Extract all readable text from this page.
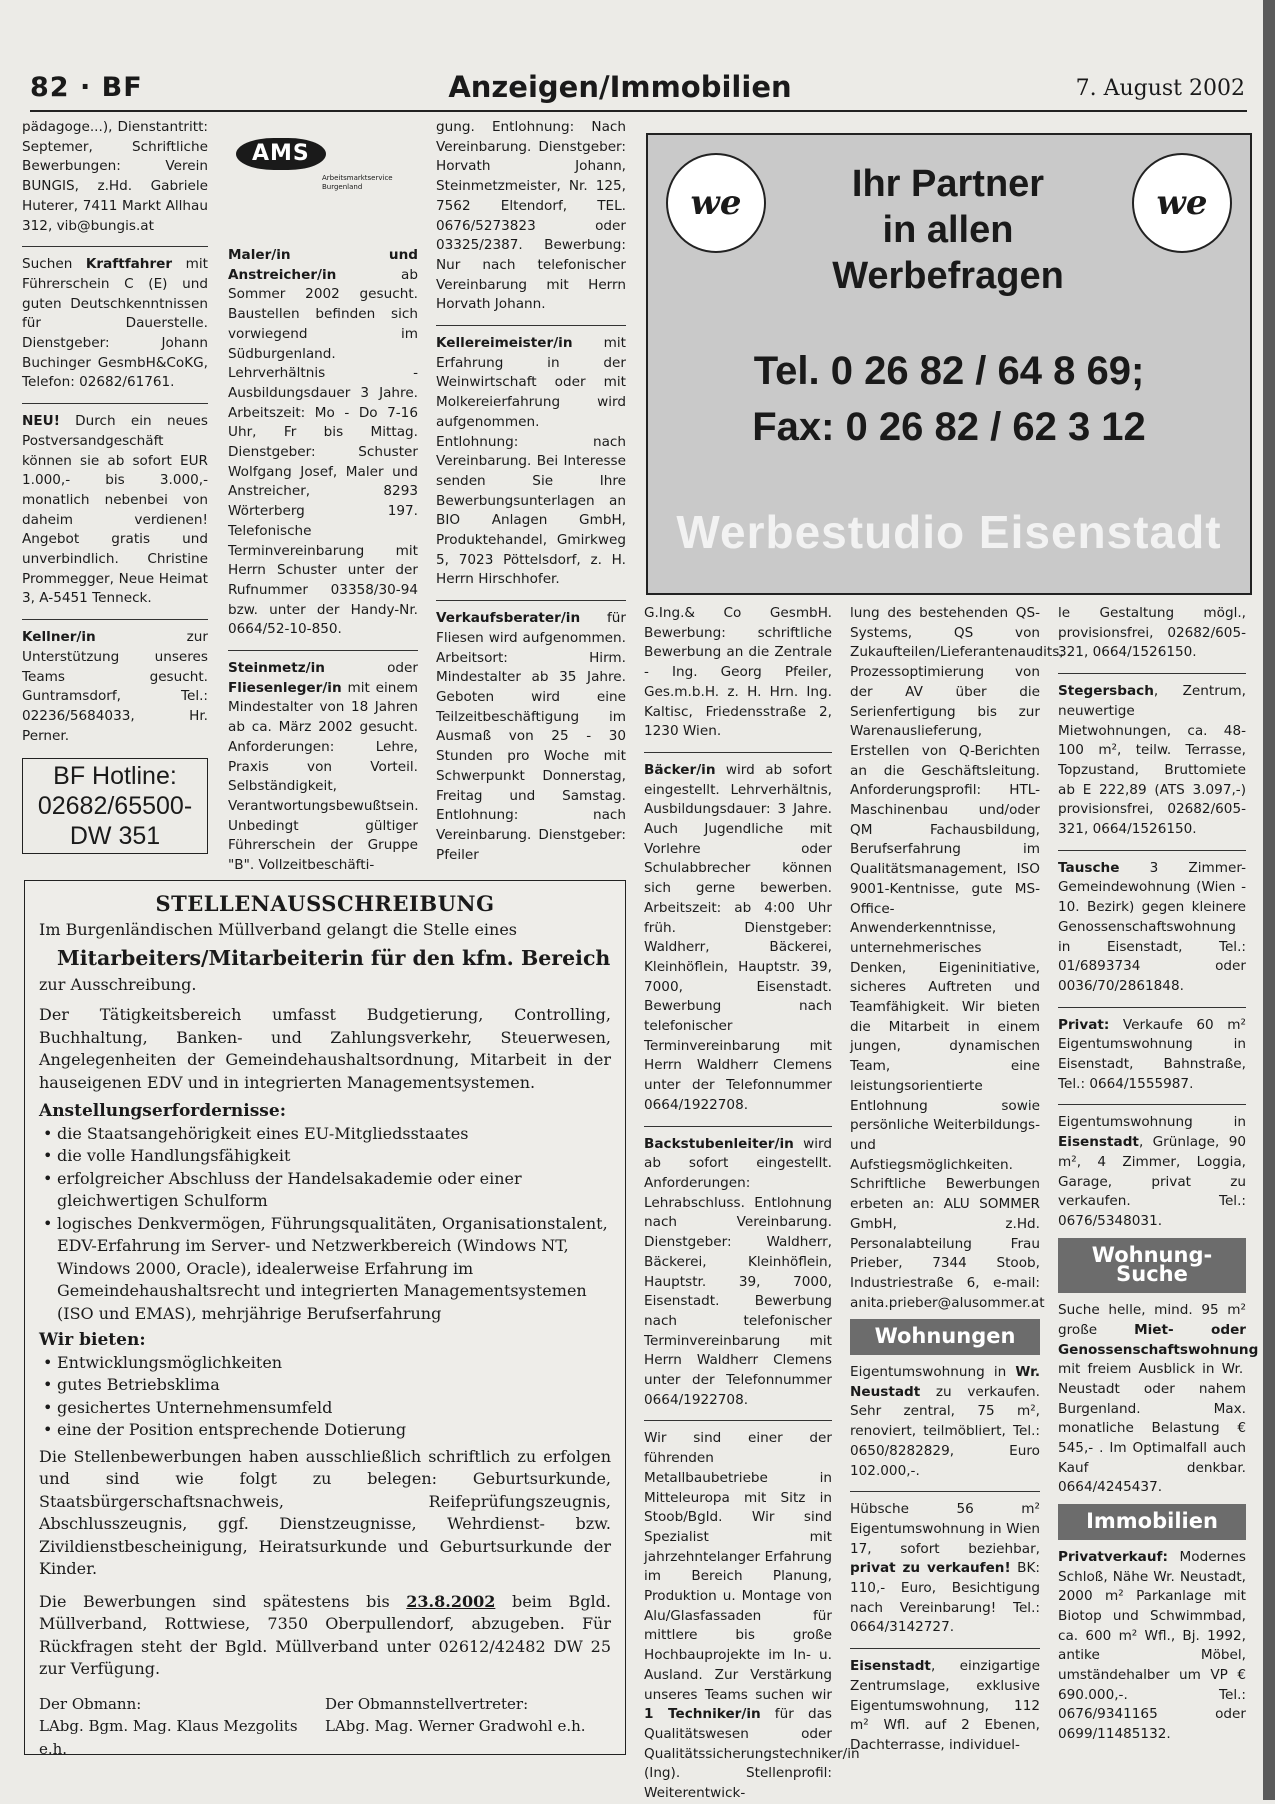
82 · BF	Anzeigen/Immobilien	7. August 2002

pädagoge...), Dienstantritt: Septemer, Schriftliche Bewerbungen: Verein BUNGIS, z.Hd. Gabriele Huterer, 7411 Markt Allhau 312, vib@bungis.at

Suchen Kraftfahrer mit Führerschein C (E) und guten Deutschkenntnissen für Dauerstelle. Dienstgeber: Johann Buchinger GesmbH&CoKG, Telefon: 02682/61761.

NEU! Durch ein neues Postversandgeschäft können sie ab sofort EUR 1.000,- bis 3.000,- monatlich nebenbei von daheim verdienen! Angebot gratis und unverbindlich. Christine Prommegger, Neue Heimat 3, A-5451 Tenneck.

Kellner/in zur Unterstützung unseres Teams gesucht. Guntramsdorf, Tel.: 02236/5684033, Hr. Perner.

BF Hotline:
02682/65500-
DW 351
AMS
Arbeitsmarktservice Burgenland

Maler/in und Anstreicher/in ab Sommer 2002 gesucht. Baustellen befinden sich vorwiegend im Südburgenland. Lehrverhältnis - Ausbildungsdauer 3 Jahre. Arbeitszeit: Mo - Do 7-16 Uhr, Fr bis Mittag. Dienstgeber: Schuster Wolfgang Josef, Maler und Anstreicher, 8293 Wörterberg 197. Telefonische Terminvereinbarung mit Herrn Schuster unter der Rufnummer 03358/30-94 bzw. unter der Handy-Nr. 0664/52-10-850.

Steinmetz/in oder Fliesenleger/in mit einem Mindestalter von 18 Jahren ab ca. März 2002 gesucht. Anforderungen: Lehre, Praxis von Vorteil. Selbständigkeit, Verantwortungsbewußtsein. Unbedingt gültiger Führerschein der Gruppe "B". Vollzeitbeschäfti-

gung. Entlohnung: Nach Vereinbarung. Dienstgeber: Horvath Johann, Steinmetzmeister, Nr. 125, 7562 Eltendorf, TEL. 0676/5273823 oder 03325/2387. Bewerbung: Nur nach telefonischer Vereinbarung mit Herrn Horvath Johann.

Kellereimeister/in mit Erfahrung in der Weinwirtschaft oder mit Molkereierfahrung wird aufgenommen. Entlohnung: nach Vereinbarung. Bei Interesse senden Sie Ihre Bewerbungsunterlagen an BIO Anlagen GmbH, Produktehandel, Gmirkweg 5, 7023 Pöttelsdorf, z. H. Herrn Hirschhofer.

Verkaufsberater/in für Fliesen wird aufgenommen. Arbeitsort: Hirm. Mindestalter ab 35 Jahre. Geboten wird eine Teilzeitbeschäftigung im Ausmaß von 25 - 30 Stunden pro Woche mit Schwerpunkt Donnerstag, Freitag und Samstag. Entlohnung: nach Vereinbarung. Dienstgeber: Pfeiler

we	we
Ihr Partner
in allen
Werbefragen
Tel. 0 26 82 / 64 8 69;
Fax: 0 26 82 / 62 3 12
Werbestudio Eisenstadt

G.Ing.& Co GesmbH. Bewerbung: schriftliche Bewerbung an die Zentrale - Ing. Georg Pfeiler, Ges.m.b.H. z. H. Hrn. Ing. Kaltisc, Friedensstraße 2, 1230 Wien.

Bäcker/in wird ab sofort eingestellt. Lehrverhältnis, Ausbildungsdauer: 3 Jahre. Auch Jugendliche mit Vorlehre oder Schulabbrecher können sich gerne bewerben. Arbeitszeit: ab 4:00 Uhr früh. Dienstgeber: Waldherr, Bäckerei, Kleinhöflein, Hauptstr. 39, 7000, Eisenstadt. Bewerbung nach telefonischer Terminvereinbarung mit Herrn Waldherr Clemens unter der Telefonnummer 0664/1922708.

Backstubenleiter/in wird ab sofort eingestellt. Anforderungen: Lehrabschluss. Entlohnung nach Vereinbarung. Dienstgeber: Waldherr, Bäckerei, Kleinhöflein, Hauptstr. 39, 7000, Eisenstadt. Bewerbung nach telefonischer Terminvereinbarung mit Herrn Waldherr Clemens unter der Telefonnummer 0664/1922708.

Wir sind einer der führenden Metallbaubetriebe in Mitteleuropa mit Sitz in Stoob/Bgld. Wir sind Spezialist mit jahrzehntelanger Erfahrung im Bereich Planung, Produktion u. Montage von Alu/Glasfassaden für mittlere bis große Hochbauprojekte im In- u. Ausland. Zur Verstärkung unseres Teams suchen wir 1 Techniker/in für das Qualitätswesen oder Qualitätssicherungstechniker/in (Ing). Stellenprofil: Weiterentwick-

lung des bestehenden QS-Systems, QS von Zukaufteilen/Lieferantenaudits, Prozessoptimierung von der AV über die Serienfertigung bis zur Warenauslieferung, Erstellen von Q-Berichten an die Geschäftsleitung. Anforderungsprofil: HTL-Maschinenbau und/oder QM Fachausbildung, Berufserfahrung im Qualitätsmanagement, ISO 9001-Kentnisse, gute MS-Office-Anwenderkenntnisse, unternehmerisches Denken, Eigeninitiative, sicheres Auftreten und Teamfähigkeit. Wir bieten die Mitarbeit in einem jungen, dynamischen Team, eine leistungsorientierte Entlohnung sowie persönliche Weiterbildungs- und Aufstiegsmöglichkeiten. Schriftliche Bewerbungen erbeten an: ALU SOMMER GmbH, z.Hd. Personalabteilung Frau Prieber, 7344 Stoob, Industriestraße 6, e-mail: anita.prieber@alusommer.at

Wohnungen

Eigentumswohnung in Wr. Neustadt zu verkaufen. Sehr zentral, 75 m², renoviert, teilmöbliert, Tel.: 0650/8282829, Euro 102.000,-.

Hübsche 56 m² Eigentumswohnung in Wien 17, sofort beziehbar, privat zu verkaufen! BK: 110,- Euro, Besichtigung nach Vereinbarung! Tel.: 0664/3142727.

Eisenstadt, einzigartige Zentrumslage, exklusive Eigentumswohnung, 112 m² Wfl. auf 2 Ebenen, Dachterrasse, individuel-

le Gestaltung mögl., provisionsfrei, 02682/605-321, 0664/1526150.

Stegersbach, Zentrum, neuwertige Mietwohnungen, ca. 48-100 m², teilw. Terrasse, Topzustand, Bruttomiete ab E 222,89 (ATS 3.097,-) provisionsfrei, 02682/605-321, 0664/1526150.

Tausche 3 Zimmer-Gemeindewohnung (Wien - 10. Bezirk) gegen kleinere Genossenschaftswohnung in Eisenstadt, Tel.: 01/6893734 oder 0036/70/2861848.

Privat: Verkaufe 60 m² Eigentumswohnung in Eisenstadt, Bahnstraße, Tel.: 0664/1555987.

Eigentumswohnung in Eisenstadt, Grünlage, 90 m², 4 Zimmer, Loggia, Garage, privat zu verkaufen. Tel.: 0676/5348031.

Wohnung-Suche

Suche helle, mind. 95 m² große Miet- oder Genossenschaftswohnung mit freiem Ausblick in Wr. Neustadt oder nahem Burgenland. Max. monatliche Belastung € 545,- . Im Optimalfall auch Kauf denkbar. 0664/4245437.

Immobilien

Privatverkauf: Modernes Schloß, Nähe Wr. Neustadt, 2000 m² Parkanlage mit Biotop und Schwimmbad, ca. 600 m² Wfl., Bj. 1992, antike Möbel, umständehalber um VP € 690.000,-. Tel.: 0676/9341165 oder 0699/11485132.

STELLENAUSSCHREIBUNG

Im Burgenländischen Müllverband gelangt die Stelle eines

Mitarbeiters/Mitarbeiterin für den kfm. Bereich

zur Ausschreibung.

Der Tätigkeitsbereich umfasst Budgetierung, Controlling, Buchhaltung, Banken- und Zahlungsverkehr, Steuerwesen, Angelegenheiten der Gemeindehaushaltsordnung, Mitarbeit in der hauseigenen EDV und in integrierten Managementsystemen.

Anstellungserfordernisse:
• die Staatsangehörigkeit eines EU-Mitgliedsstaates
• die volle Handlungsfähigkeit
• erfolgreicher Abschluss der Handelsakademie oder einer gleichwertigen Schulform
• logisches Denkvermögen, Führungsqualitäten, Organisationstalent, EDV-Erfahrung im Server- und Netzwerkbereich (Windows NT, Windows 2000, Oracle), idealerweise Erfahrung im Gemeindehaushaltsrecht und integrierten Managementsystemen (ISO und EMAS), mehrjährige Berufserfahrung
Wir bieten:
• Entwicklungsmöglichkeiten
• gutes Betriebsklima
• gesichertes Unternehmensumfeld
• eine der Position entsprechende Dotierung

Die Stellenbewerbungen haben ausschließlich schriftlich zu erfolgen und sind wie folgt zu belegen: Geburtsurkunde, Staatsbürgerschaftsnachweis, Reifeprüfungszeugnis, Abschlusszeugnis, ggf. Dienstzeugnisse, Wehrdienst- bzw. Zivildienstbescheinigung, Heiratsurkunde und Geburtsurkunde der Kinder.

Die Bewerbungen sind spätestens bis 23.8.2002 beim Bgld. Müllverband, Rottwiese, 7350 Oberpullendorf, abzugeben. Für Rückfragen steht der Bgld. Müllverband unter 02612/42482 DW 25 zur Verfügung.

Der Obmann:
LAbg. Bgm. Mag. Klaus Mezgolits e.h.
Der Obmannstellvertreter:
LAbg. Mag. Werner Gradwohl e.h.
